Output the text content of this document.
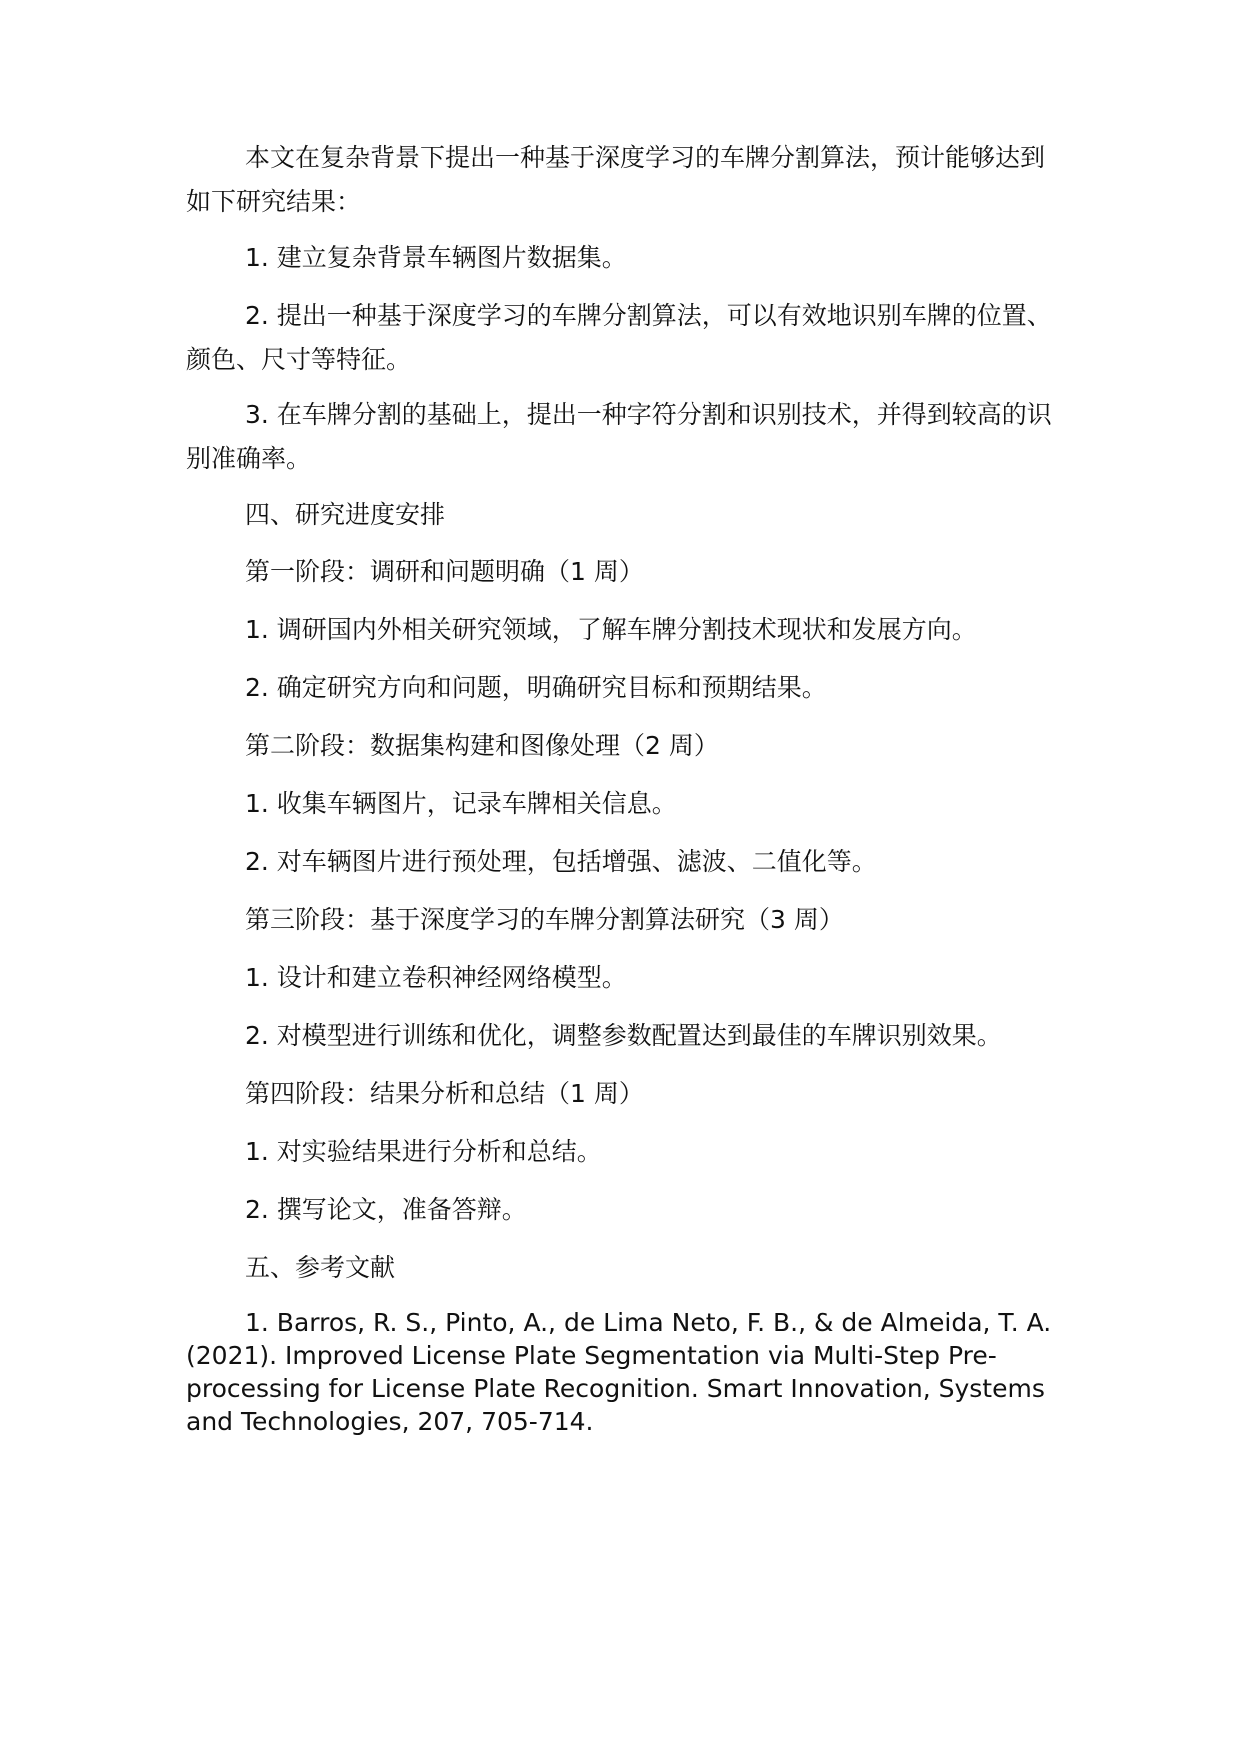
本文在复杂背景下提出一种基于深度学习的车牌分割算法，预计能够达到如下研究结果：

1. 建立复杂背景车辆图片数据集。

2. 提出一种基于深度学习的车牌分割算法，可以有效地识别车牌的位置、颜色、尺寸等特征。

3. 在车牌分割的基础上，提出一种字符分割和识别技术，并得到较高的识别准确率。

四、研究进度安排

第一阶段：调研和问题明确（1 周）

1. 调研国内外相关研究领域，了解车牌分割技术现状和发展方向。

2. 确定研究方向和问题，明确研究目标和预期结果。

第二阶段：数据集构建和图像处理（2 周）

1. 收集车辆图片，记录车牌相关信息。

2. 对车辆图片进行预处理，包括增强、滤波、二值化等。

第三阶段：基于深度学习的车牌分割算法研究（3 周）

1. 设计和建立卷积神经网络模型。

2. 对模型进行训练和优化，调整参数配置达到最佳的车牌识别效果。

第四阶段：结果分析和总结（1 周）

1. 对实验结果进行分析和总结。

2. 撰写论文，准备答辩。

五、参考文献

1. Barros, R. S., Pinto, A., de Lima Neto, F. B., & de Almeida, T. A. (2021). Improved License Plate Segmentation via Multi-Step Pre-processing for License Plate Recognition. Smart Innovation, Systems and Technologies, 207, 705-714.
